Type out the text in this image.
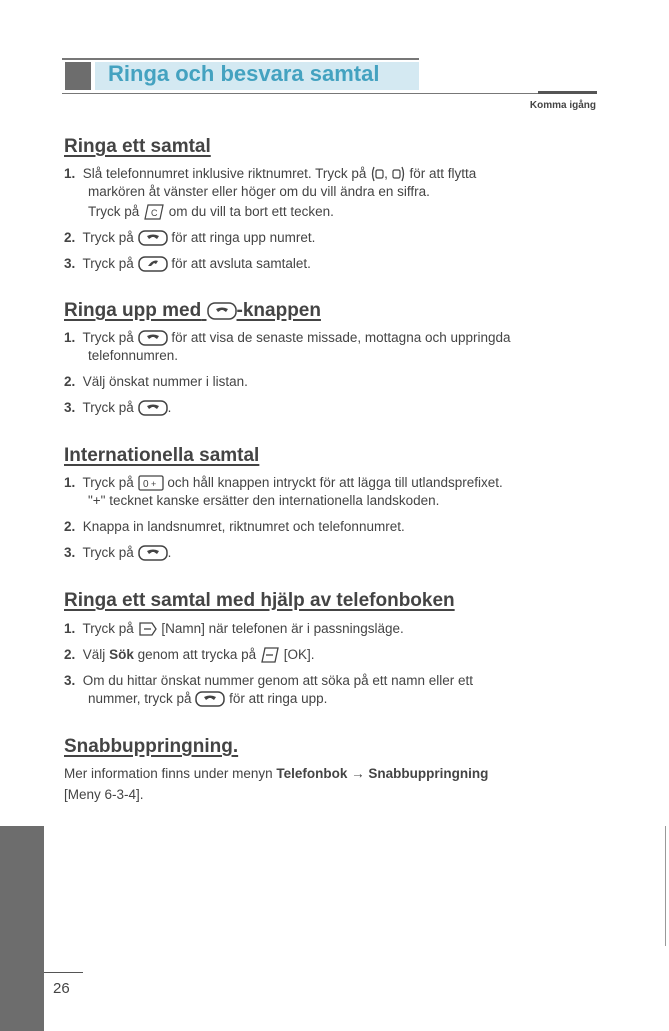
Ringa och besvara samtal
Komma igång
Ringa ett samtal
1. Slå telefonnumret inklusive riktnumret. Tryck på , för att flytta
markören åt vänster eller höger om du vill ändra en siffra.
Tryck på C om du vill ta bort ett tecken.
2. Tryck på	för att ringa upp numret.
3. Tryck på	för att avsluta samtalet.
Ringa upp med -knappen
1. Tryck på	för att visa de senaste missade, mottagna och uppringda
telefonnumren.
2. Välj önskat nummer i listan.
3. Tryck på	.
Internationella samtal
1. Tryck på 0 + och håll knappen intryckt för att lägga till utlandsprefixet.
"+" tecknet kanske ersätter den internationella landskoden.
2. Knappa in landsnumret, riktnumret och telefonnumret.
3. Tryck på	.
Ringa ett samtal med hjälp av telefonboken
1. Tryck på [Namn] när telefonen är i passningsläge.
2. Välj Sök genom att trycka på [OK].
3. Om du hittar önskat nummer genom att söka på ett namn eller ett
nummer, tryck på	för att ringa upp.
Snabbuppringning.
Mer information finns under menyn Telefonbok → Snabbuppringning
[Meny 6-3-4].
26
